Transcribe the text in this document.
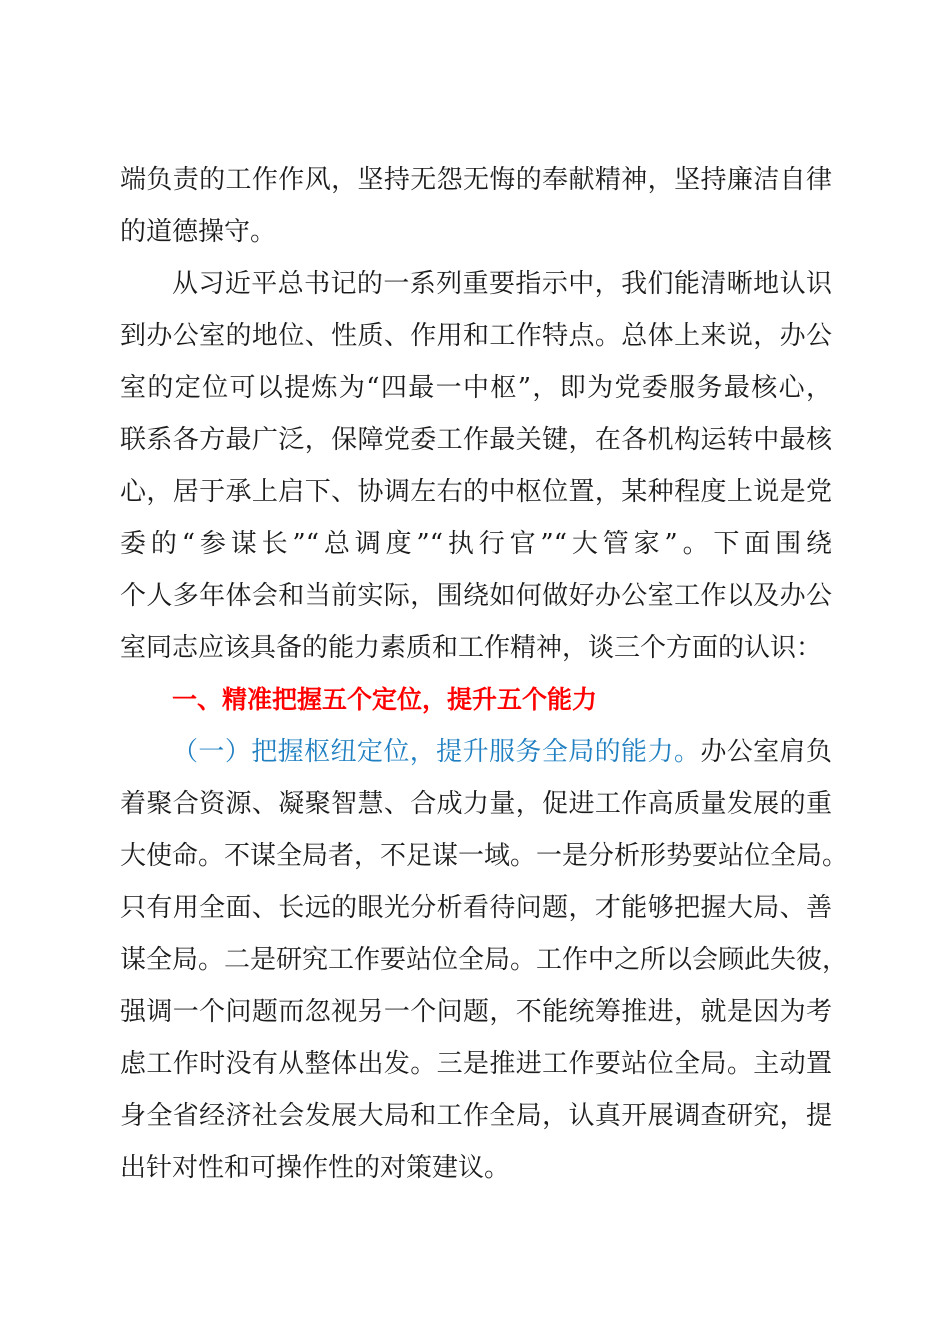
端负责的工作作风，坚持无怨无悔的奉献精神，坚持廉洁自律
的道德操守。
从习近平总书记的一系列重要指示中，我们能清晰地认识
到办公室的地位、性质、作用和工作特点。总体上来说，办公
室的定位可以提炼为“四最一中枢”，即为党委服务最核心，
联系各方最广泛，保障党委工作最关键，在各机构运转中最核
心，居于承上启下、协调左右的中枢位置，某种程度上说是党
委的“参谋长”“总调度”“执行官”“大管家”。下面围绕
个人多年体会和当前实际，围绕如何做好办公室工作以及办公
室同志应该具备的能力素质和工作精神，谈三个方面的认识：
一、精准把握五个定位，提升五个能力
（一）把握枢纽定位，提升服务全局的能力。办公室肩负
着聚合资源、凝聚智慧、合成力量，促进工作高质量发展的重
大使命。不谋全局者，不足谋一域。一是分析形势要站位全局。
只有用全面、长远的眼光分析看待问题，才能够把握大局、善
谋全局。二是研究工作要站位全局。工作中之所以会顾此失彼，
强调一个问题而忽视另一个问题，不能统筹推进，就是因为考
虑工作时没有从整体出发。三是推进工作要站位全局。主动置
身全省经济社会发展大局和工作全局，认真开展调查研究，提
出针对性和可操作性的对策建议。
